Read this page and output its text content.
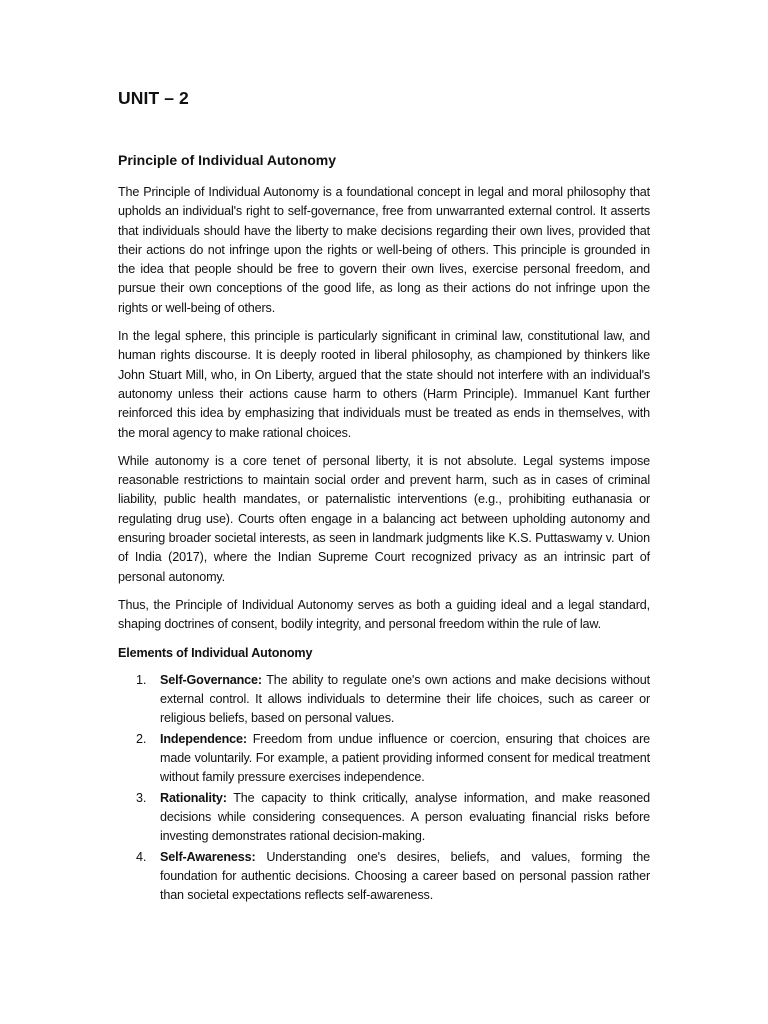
UNIT – 2
Principle of Individual Autonomy

The Principle of Individual Autonomy is a foundational concept in legal and moral philosophy that upholds an individual's right to self-governance, free from unwarranted external control. It asserts that individuals should have the liberty to make decisions regarding their own lives, provided that their actions do not infringe upon the rights or well-being of others. This principle is grounded in the idea that people should be free to govern their own lives, exercise personal freedom, and pursue their own conceptions of the good life, as long as their actions do not infringe upon the rights or well-being of others.

In the legal sphere, this principle is particularly significant in criminal law, constitutional law, and human rights discourse. It is deeply rooted in liberal philosophy, as championed by thinkers like John Stuart Mill, who, in On Liberty, argued that the state should not interfere with an individual's autonomy unless their actions cause harm to others (Harm Principle). Immanuel Kant further reinforced this idea by emphasizing that individuals must be treated as ends in themselves, with the moral agency to make rational choices.

While autonomy is a core tenet of personal liberty, it is not absolute. Legal systems impose reasonable restrictions to maintain social order and prevent harm, such as in cases of criminal liability, public health mandates, or paternalistic interventions (e.g., prohibiting euthanasia or regulating drug use). Courts often engage in a balancing act between upholding autonomy and ensuring broader societal interests, as seen in landmark judgments like K.S. Puttaswamy v. Union of India (2017), where the Indian Supreme Court recognized privacy as an intrinsic part of personal autonomy.

Thus, the Principle of Individual Autonomy serves as both a guiding ideal and a legal standard, shaping doctrines of consent, bodily integrity, and personal freedom within the rule of law.

Elements of Individual Autonomy
1. Self-Governance: The ability to regulate one's own actions and make decisions without external control. It allows individuals to determine their life choices, such as career or religious beliefs, based on personal values.
2. Independence: Freedom from undue influence or coercion, ensuring that choices are made voluntarily. For example, a patient providing informed consent for medical treatment without family pressure exercises independence.
3. Rationality: The capacity to think critically, analyse information, and make reasoned decisions while considering consequences. A person evaluating financial risks before investing demonstrates rational decision-making.
4. Self-Awareness: Understanding one's desires, beliefs, and values, forming the foundation for authentic decisions. Choosing a career based on personal passion rather than societal expectations reflects self-awareness.
